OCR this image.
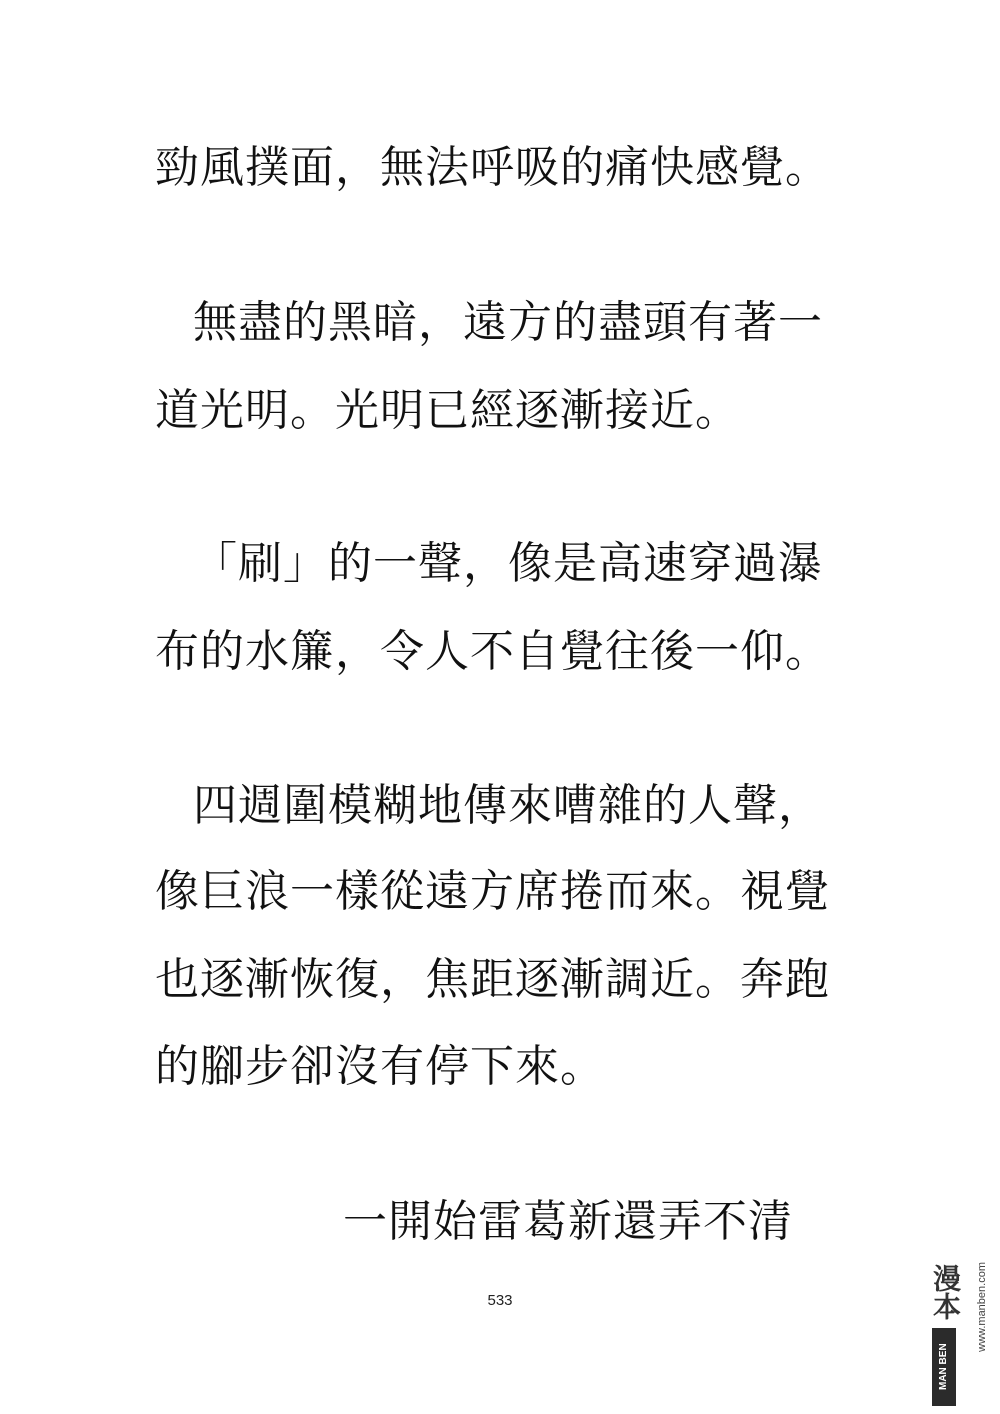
勁風撲面，無法呼吸的痛快感覺。
無盡的黑暗，遠方的盡頭有著一
道光明。光明已經逐漸接近。
「刷」的一聲，像是高速穿過瀑
布的水簾，令人不自覺往後一仰。
四週圍模糊地傳來嘈雜的人聲，
像巨浪一樣從遠方席捲而來。視覺
也逐漸恢復，焦距逐漸調近。奔跑
的腳步卻沒有停下來。
一開始雷葛新還弄不清
533	漫本
MAN BEN
www.manben.com
